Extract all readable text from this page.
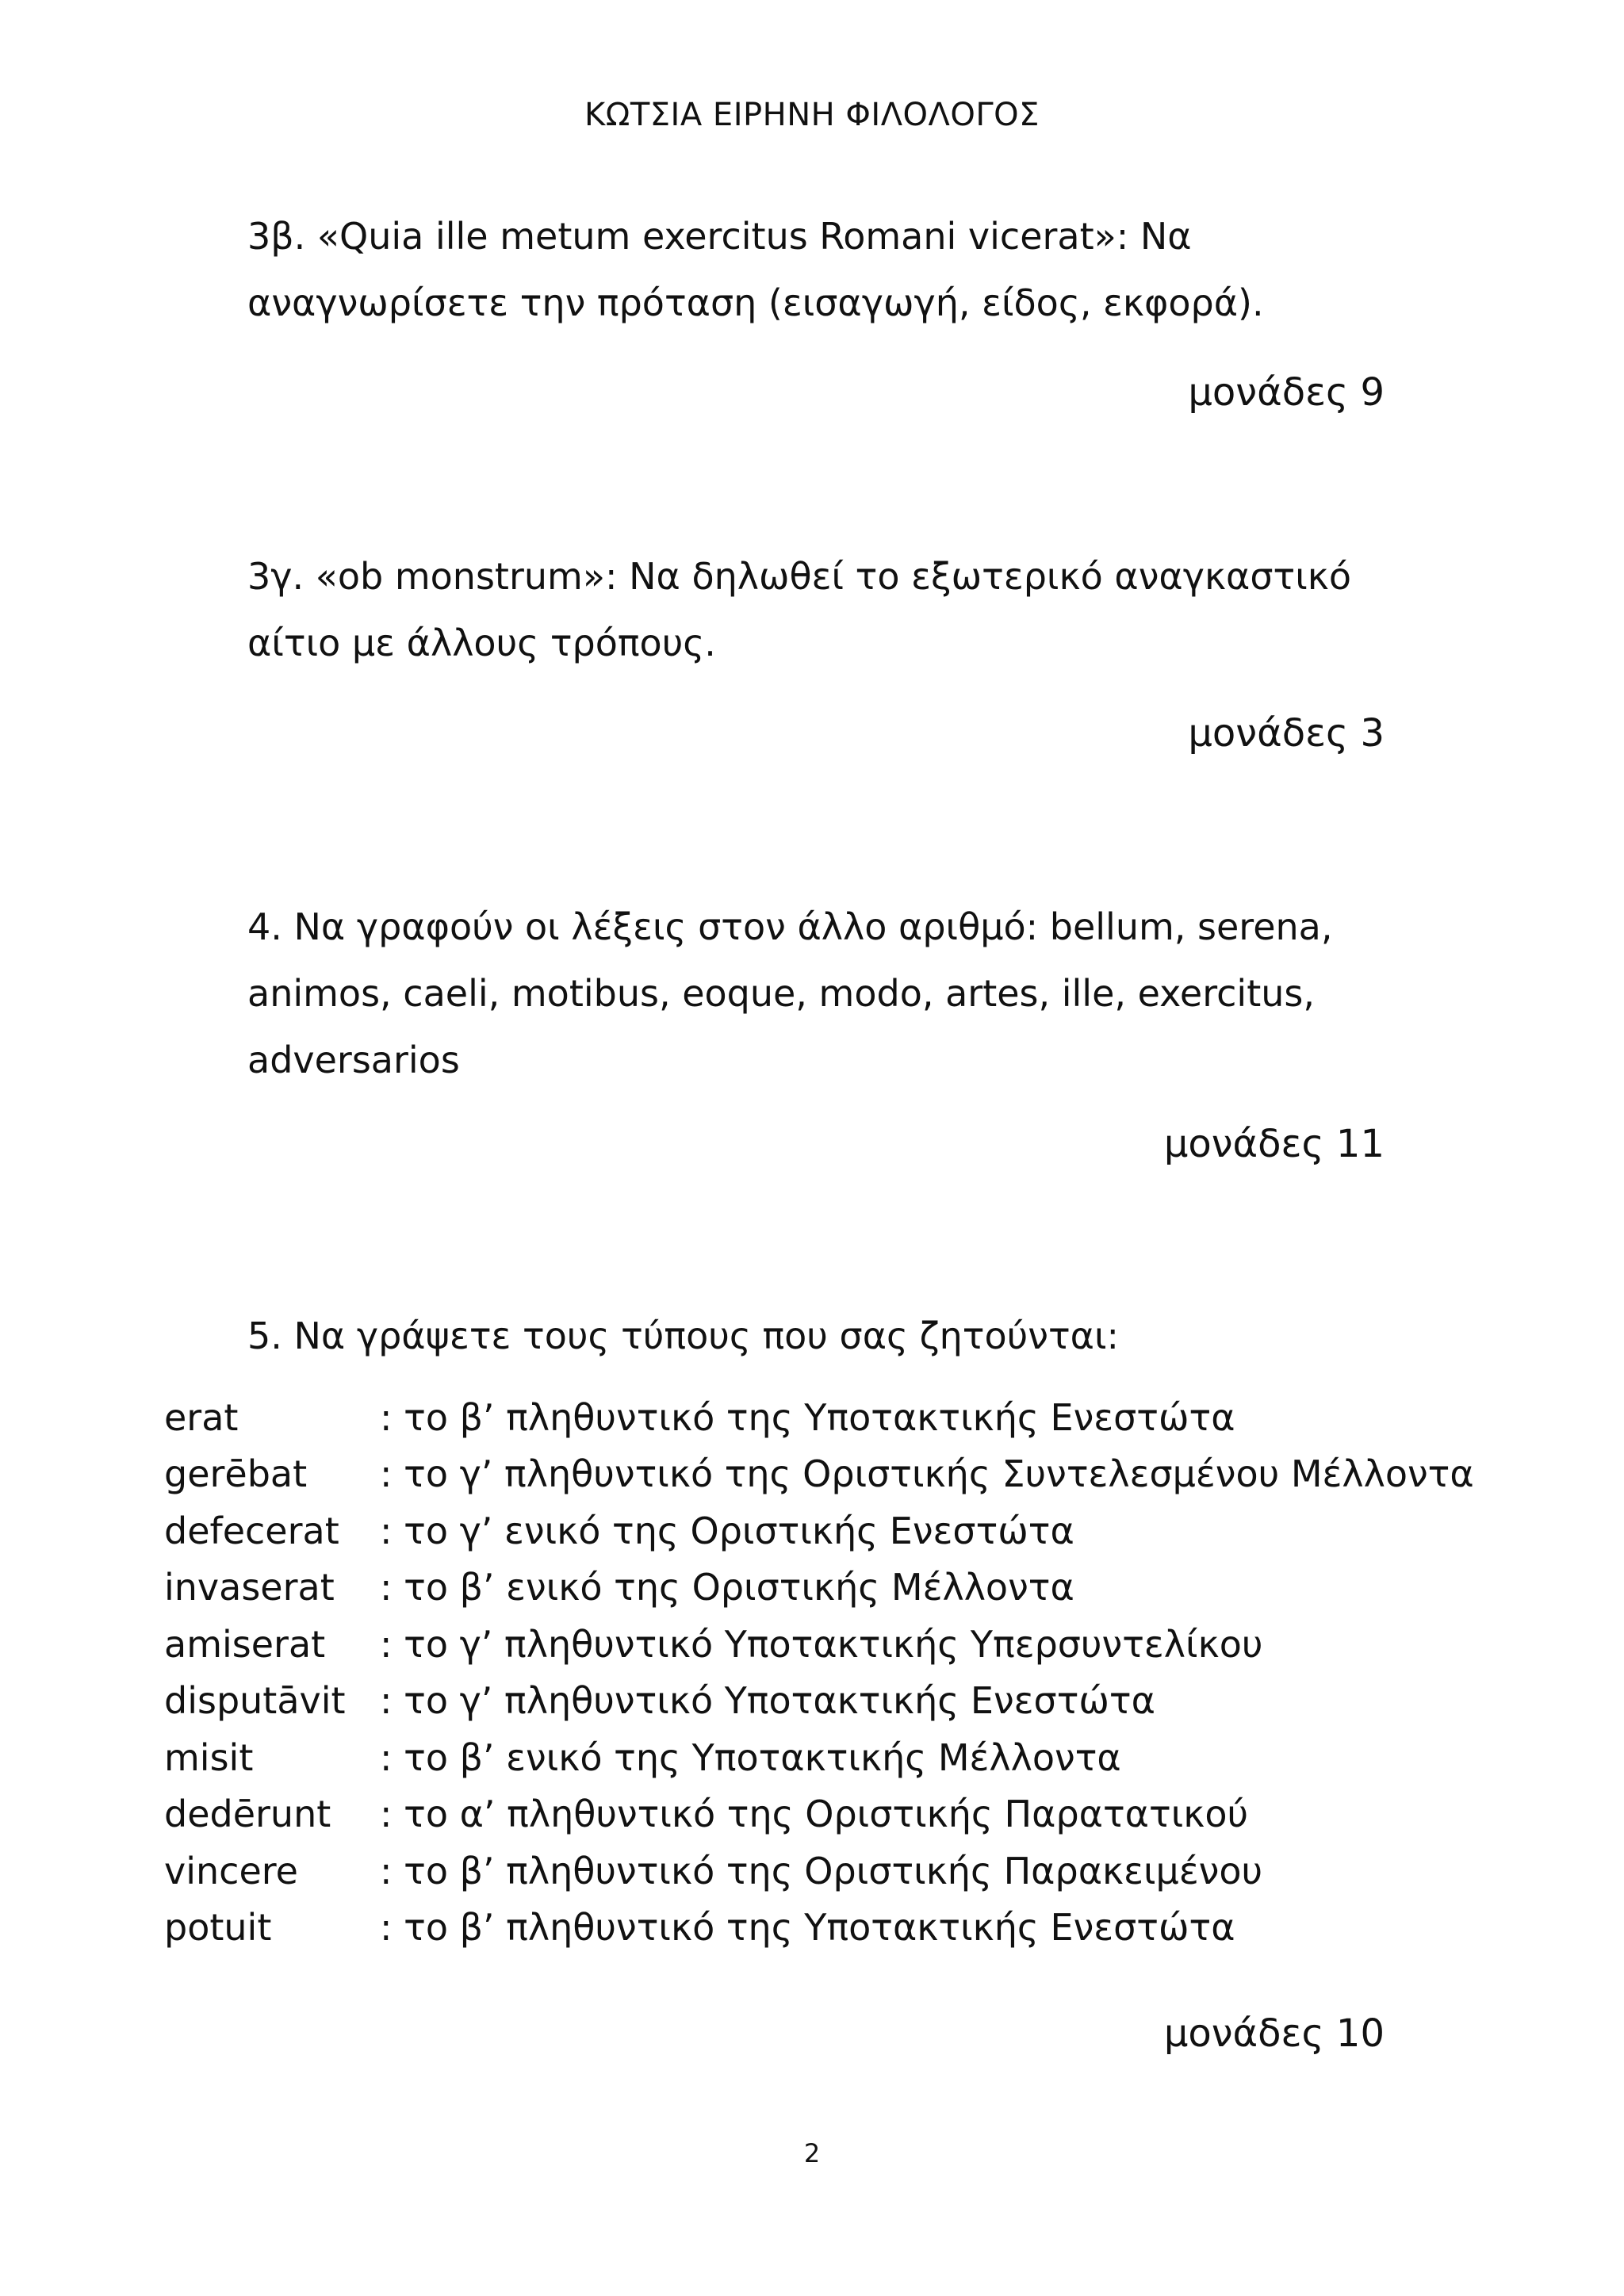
ΚΩΤΣΙΑ ΕΙΡΗΝΗ ΦΙΛΟΛΟΓΟΣ
3β. «Quia ille metum exercitus Romani vicerat»: Να
αναγνωρίσετε την πρόταση (εισαγωγή, είδος, εκφορά).
μονάδες 9
3γ. «ob monstrum»: Να δηλωθεί το εξωτερικό αναγκαστικό
αίτιο με άλλους τρόπους.
μονάδες 3
4. Να γραφούν οι λέξεις στον άλλο αριθμό: bellum, serena,
animos, caeli, motibus, eoque, modo, artes, ille, exercitus,
adversarios
μονάδες 11
5. Να γράψετε τους τύπους που σας ζητούνται:
erat	: το β’ πληθυντικό της Υποτακτικής Ενεστώτα
gerēbat	: το γ’ πληθυντικό της Οριστικής Συντελεσμένου Μέλλοντα
defecerat	: το γ’ ενικό της Οριστικής Ενεστώτα
invaserat	: το β’ ενικό της Οριστικής Μέλλοντα
amiserat	: το γ’ πληθυντικό Υποτακτικής Υπερσυντελίκου
disputāvit	: το γ’ πληθυντικό Υποτακτικής Ενεστώτα
misit	: το β’ ενικό της Υποτακτικής Μέλλοντα
dedērunt	: το α’ πληθυντικό της Οριστικής Παρατατικού
vincere	: το β’ πληθυντικό της Οριστικής Παρακειμένου
potuit	: το β’ πληθυντικό της Υποτακτικής Ενεστώτα
μονάδες 10
2
